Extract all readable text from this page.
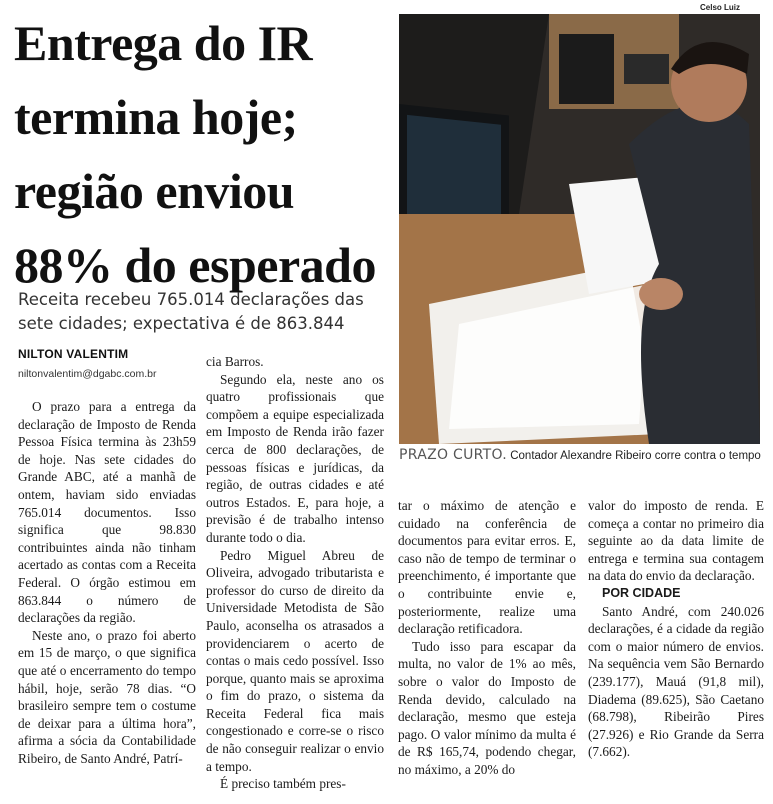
Entrega do IR termina hoje; região enviou 88% do esperado
Receita recebeu 765.014 declarações das sete cidades; expectativa é de 863.844
NILTON VALENTIM
niltonvalentim@dgabc.com.br

O prazo para a entrega da declaração de Imposto de Renda Pessoa Física termina às 23h59 de hoje. Nas sete cidades do Grande ABC, até a manhã de ontem, haviam sido enviadas 765.014 documentos. Isso significa que 98.830 contribuintes ainda não tinham acertado as contas com a Receita Federal. O órgão estimou em 863.844 o número de declarações da região.

Neste ano, o prazo foi aberto em 15 de março, o que significa que até o encerramento do tempo hábil, hoje, serão 78 dias. “O brasileiro sempre tem o costume de deixar para a última hora”, afirma a sócia da Contabilidade Ribeiro, de Santo André, Patrí-

cia Barros.

Segundo ela, neste ano os quatro profissionais que compõem a equipe especializada em Imposto de Renda irão fazer cerca de 800 declarações, de pessoas físicas e jurídicas, da região, de outras cidades e até outros Estados. E, para hoje, a previsão é de trabalho intenso durante todo o dia.

Pedro Miguel Abreu de Oliveira, advogado tributarista e professor do curso de direito da Universidade Metodista de São Paulo, aconselha os atrasados a providenciarem o acerto de contas o mais cedo possível. Isso porque, quanto mais se aproxima o fim do prazo, o sistema da Receita Federal fica mais congestionado e corre-se o risco de não conseguir realizar o envio a tempo.

É preciso também pres-

Celso Luiz
PRAZO CURTO. Contador Alexandre Ribeiro corre contra o tempo

tar o máximo de atenção e cuidado na conferência de documentos para evitar erros. E, caso não de tempo de terminar o preenchimento, é importante que o contribuinte envie e, posteriormente, realize uma declaração retificadora.

Tudo isso para escapar da multa, no valor de 1% ao mês, sobre o valor do Imposto de Renda devido, calculado na declaração, mesmo que esteja pago. O valor mínimo da multa é de R$ 165,74, podendo chegar, no máximo, a 20% do

valor do imposto de renda. E começa a contar no primeiro dia seguinte ao da data limite de entrega e termina sua contagem na data do envio da declaração.

POR CIDADE

Santo André, com 240.026 declarações, é a cidade da região com o maior número de envios. Na sequência vem São Bernardo (239.177), Mauá (91,8 mil), Diadema (89.625), São Caetano (68.798), Ribeirão Pires (27.926) e Rio Grande da Serra (7.662).
